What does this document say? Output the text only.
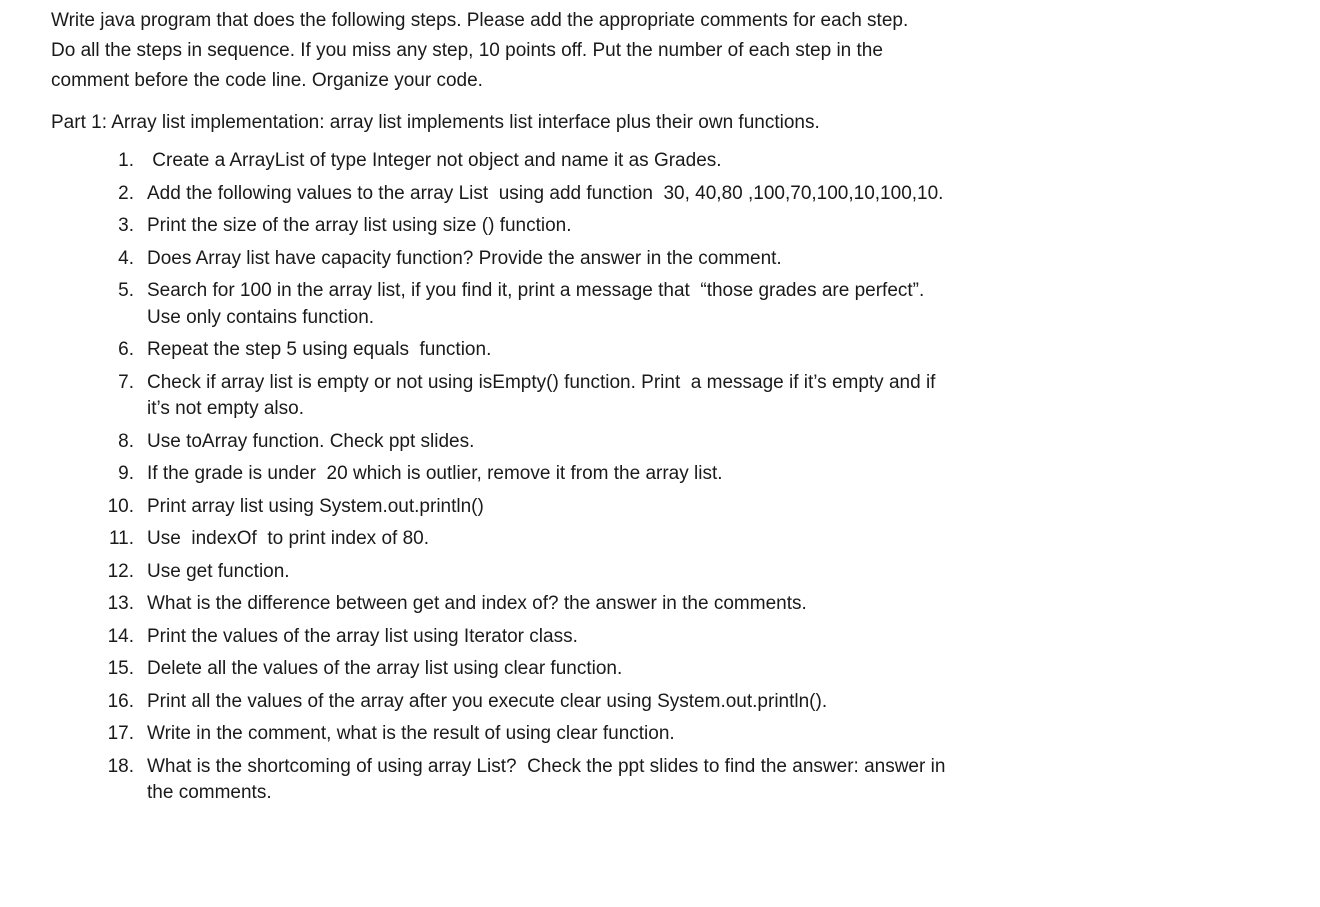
Write java program that does the following steps. Please add the appropriate comments for each step.
Do all the steps in sequence. If you miss any step, 10 points off. Put the number of each step in the
comment before the code line. Organize your code.

Part 1: Array list implementation: array list implements list interface plus their own functions.

1. Create a ArrayList of type Integer not object and name it as Grades.
2. Add the following values to the array List  using add function  30, 40,80 ,100,70,100,10,100,10.
3. Print the size of the array list using size () function.
4. Does Array list have capacity function? Provide the answer in the comment.
5. Search for 100 in the array list, if you find it, print a message that  “those grades are perfect”.
Use only contains function.
6. Repeat the step 5 using equals  function.
7. Check if array list is empty or not using isEmpty() function. Print  a message if it’s empty and if
it’s not empty also.
8. Use toArray function. Check ppt slides.
9. If the grade is under  20 which is outlier, remove it from the array list.
10. Print array list using System.out.println()
11. Use  indexOf  to print index of 80.
12. Use get function.
13. What is the difference between get and index of? the answer in the comments.
14. Print the values of the array list using Iterator class.
15. Delete all the values of the array list using clear function.
16. Print all the values of the array after you execute clear using System.out.println().
17. Write in the comment, what is the result of using clear function.
18. What is the shortcoming of using array List?  Check the ppt slides to find the answer: answer in
the comments.
